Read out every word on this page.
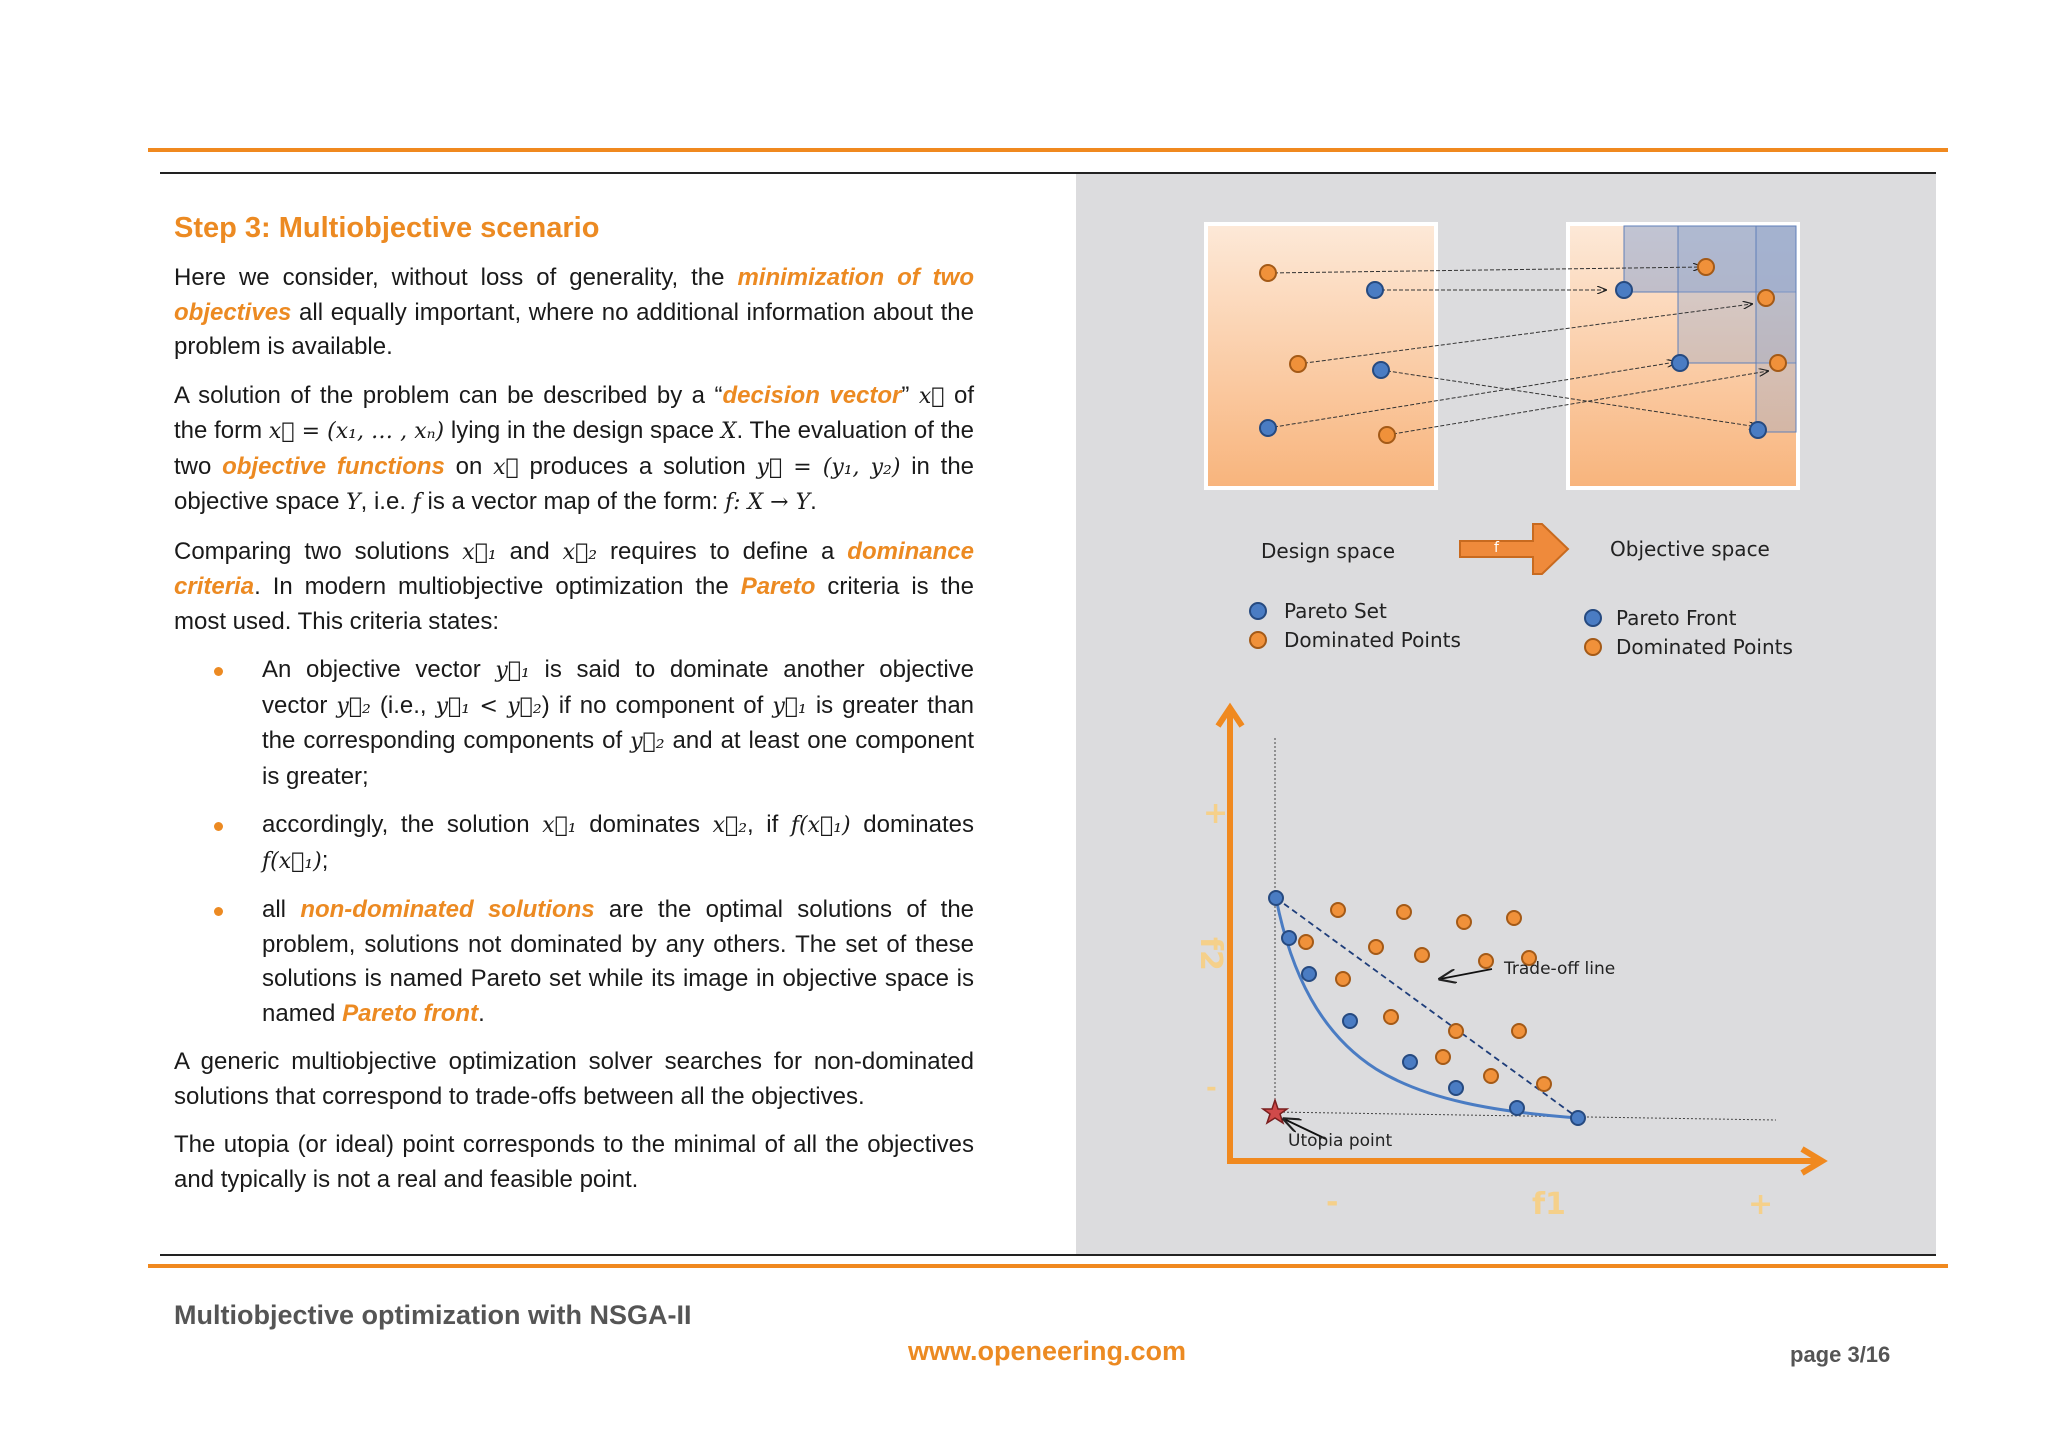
Step 3: Multiobjective scenario

Here we consider, without loss of generality, the minimization of two objectives all equally important, where no additional information about the problem is available.

A solution of the problem can be described by a “decision vector” x⃗ of the form x⃗ = (x₁, … , xₙ) lying in the design space X. The evaluation of the two objective functions on x⃗ produces a solution y⃗ = (y₁, y₂) in the objective space Y, i.e. f is a vector map of the form: f: X → Y.

Comparing two solutions x⃗₁ and x⃗₂ requires to define a dominance criteria. In modern multiobjective optimization the Pareto criteria is the most used. This criteria states:

An objective vector y⃗₁ is said to dominate another objective vector y⃗₂ (i.e., y⃗₁ < y⃗₂) if no component of y⃗₁ is greater than the corresponding components of y⃗₂ and at least one component is greater;
accordingly, the solution x⃗₁ dominates x⃗₂, if f(x⃗₁) dominates f(x⃗₁);
all non-dominated solutions are the optimal solutions of the problem, solutions not dominated by any others. The set of these solutions is named Pareto set while its image in objective space is named Pareto front.

A generic multiobjective optimization solver searches for non-dominated solutions that correspond to trade-offs between all the objectives.

The utopia (or ideal) point corresponds to the minimal of all the objectives and typically is not a real and feasible point.

Design space	f	Objective space
Pareto Set
Dominated Points
Pareto Front
Dominated Points
+
f2
-
-	f1	+
Trade-off line
Utopia point
Multiobjective optimization with NSGA-II
www.openeering.com	page 3/16
